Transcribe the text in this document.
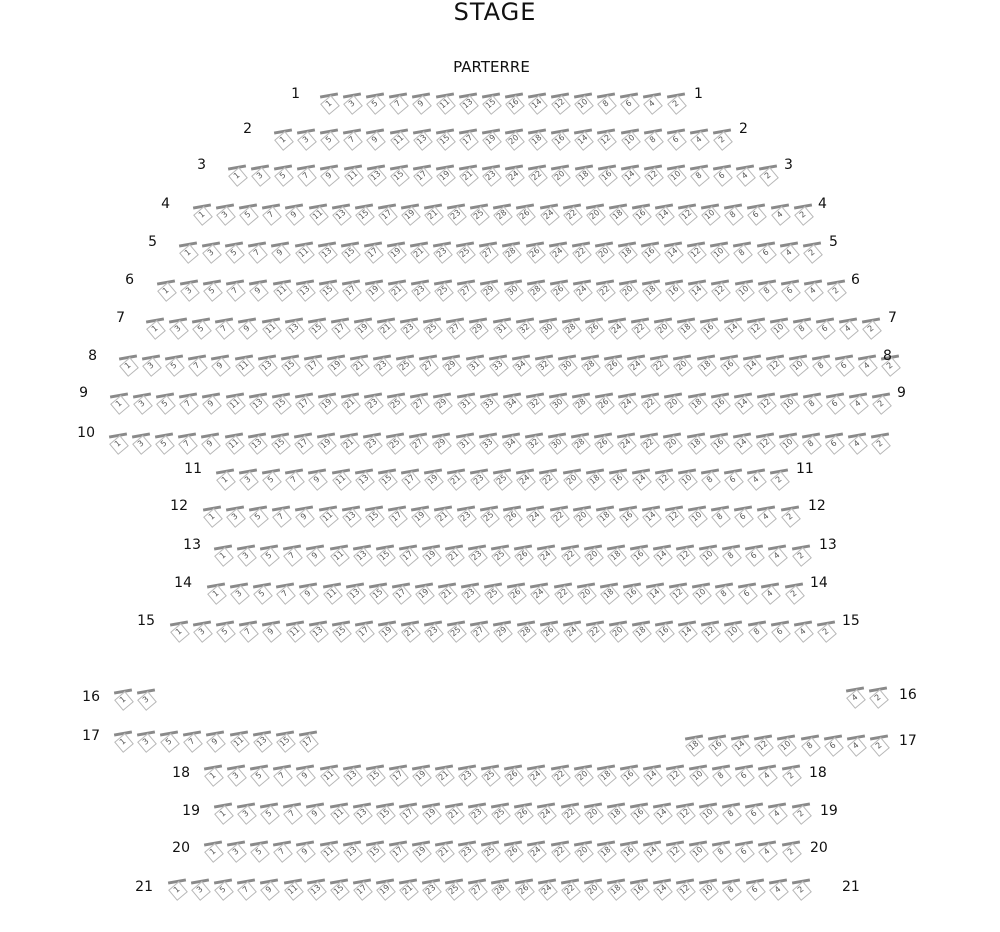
STAGE
PARTERRE
1	3	5	7	9	11	13	15	16	14	12	10	8	6	4	2
1	1
1	3	5	7	9	11	13	15	17	19	20	18	16	14	12	10	8	6	4	2
2	2
1	3	5	7	9	11	13	15	17	19	21	23	24	22	20	18	16	14	12	10	8	6	4	2
3	3
1	3	5	7	9	11	13	15	17	19	21	23	25	28	26	24	22	20	18	16	14	12	10	8	6	4	2
4	4
1	3	5	7	9	11	13	15	17	19	21	23	25	27	28	26	24	22	20	18	16	14	12	10	8	6	4	2
5	5
1	3	5	7	9	11	13	15	17	19	21	23	25	27	29	30	28	26	24	22	20	18	16	14	12	10	8	6	4	2
6	6
1	3	5	7	9	11	13	15	17	19	21	23	25	27	29	31	32	30	28	26	24	22	20	18	16	14	12	10	8	6	4	2
7	7
1	3	5	7	9	11	13	15	17	19	21	23	25	27	29	31	33	34	32	30	28	26	24	22	20	18	16	14	12	10	8	6	4	2
8	8
1	3	5	7	9	11	13	15	17	19	21	23	25	27	29	31	33	34	32	30	28	26	24	22	20	18	16	14	12	10	8	6	4	2
9	9
1	3	5	7	9	11	13	15	17	19	21	23	25	27	29	31	33	34	32	30	28	26	24	22	20	18	16	14	12	10	8	6	4	2
10
1	3	5	7	9	11	13	15	17	19	21	23	25	24	22	20	18	16	14	12	10	8	6	4	2
11	11
1	3	5	7	9	11	13	15	17	19	21	23	25	26	24	22	20	18	16	14	12	10	8	6	4	2
12	12
1	3	5	7	9	11	13	15	17	19	21	23	25	26	24	22	20	18	16	14	12	10	8	6	4	2
13	13
1	3	5	7	9	11	13	15	17	19	21	23	25	26	24	22	20	18	16	14	12	10	8	6	4	2
14	14
1	3	5	7	9	11	13	15	17	19	21	23	25	27	29	28	26	24	22	20	18	16	14	12	10	8	6	4	2
15	15
1	3	4	2
16	16
1	3	5	7	9	11	13	15	17	18	16	14	12	10	8	6	4	2
17	17
1	3	5	7	9	11	13	15	17	19	21	23	25	26	24	22	20	18	16	14	12	10	8	6	4	2
18	18
1	3	5	7	9	11	13	15	17	19	21	23	25	26	24	22	20	18	16	14	12	10	8	6	4	2
19	19
1	3	5	7	9	11	13	15	17	19	21	23	25	26	24	22	20	18	16	14	12	10	8	6	4	2
20	20
1	3	5	7	9	11	13	15	17	19	21	23	25	27	28	26	24	22	20	18	16	14	12	10	8	6	4	2
21	21
